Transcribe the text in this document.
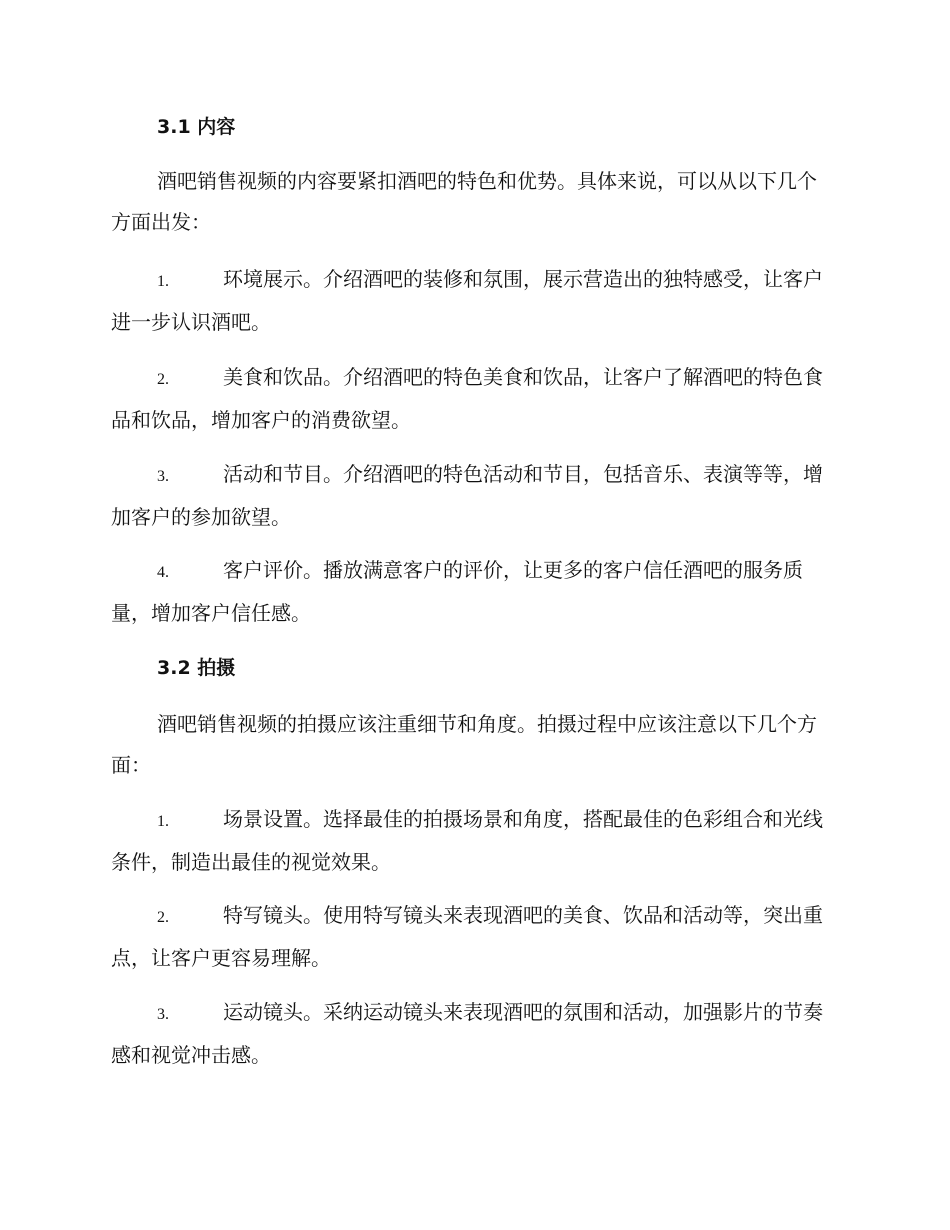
3.1 内容
酒吧销售视频的内容要紧扣酒吧的特色和优势。具体来说，可以从以下几个方面出发：
1.	环境展示。介绍酒吧的装修和氛围，展示营造出的独特感受，让客户进一步认识酒吧。
2.	美食和饮品。介绍酒吧的特色美食和饮品，让客户了解酒吧的特色食品和饮品，增加客户的消费欲望。
3.	活动和节目。介绍酒吧的特色活动和节目，包括音乐、表演等等，增加客户的参加欲望。
4.	客户评价。播放满意客户的评价，让更多的客户信任酒吧的服务质量，增加客户信任感。
3.2 拍摄
酒吧销售视频的拍摄应该注重细节和角度。拍摄过程中应该注意以下几个方面：
1.	场景设置。选择最佳的拍摄场景和角度，搭配最佳的色彩组合和光线条件，制造出最佳的视觉效果。
2.	特写镜头。使用特写镜头来表现酒吧的美食、饮品和活动等，突出重点，让客户更容易理解。
3.	运动镜头。采纳运动镜头来表现酒吧的氛围和活动，加强影片的节奏感和视觉冲击感。
